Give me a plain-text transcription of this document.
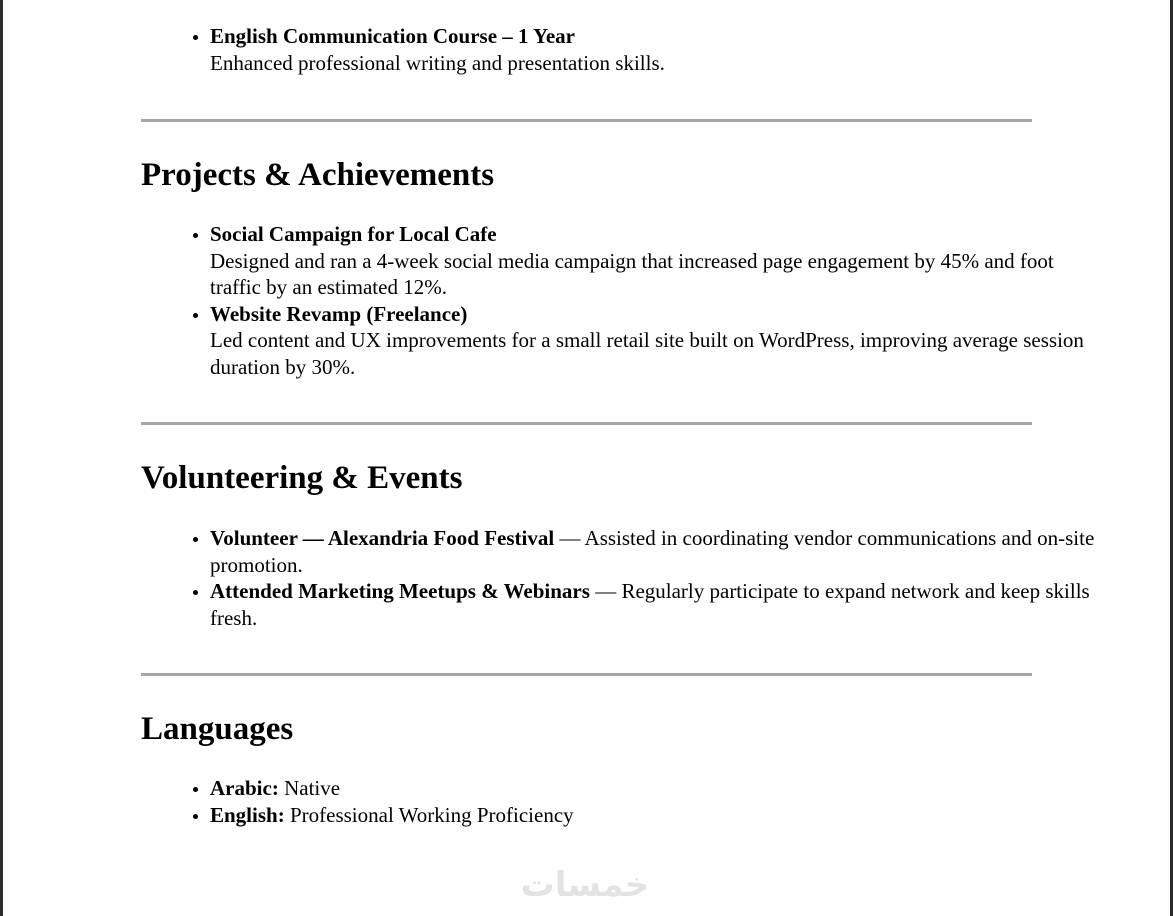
• English Communication Course – 1 Year
Enhanced professional writing and presentation skills.
Projects & Achievements
• Social Campaign for Local Cafe
Designed and ran a 4-week social media campaign that increased page engagement by 45% and foot traffic by an estimated 12%.
• Website Revamp (Freelance)
Led content and UX improvements for a small retail site built on WordPress, improving average session duration by 30%.
Volunteering & Events
• Volunteer — Alexandria Food Festival — Assisted in coordinating vendor communications and on-site promotion.
• Attended Marketing Meetups & Webinars — Regularly participate to expand network and keep skills fresh.
Languages
• Arabic: Native
• English: Professional Working Proficiency
خمسات
